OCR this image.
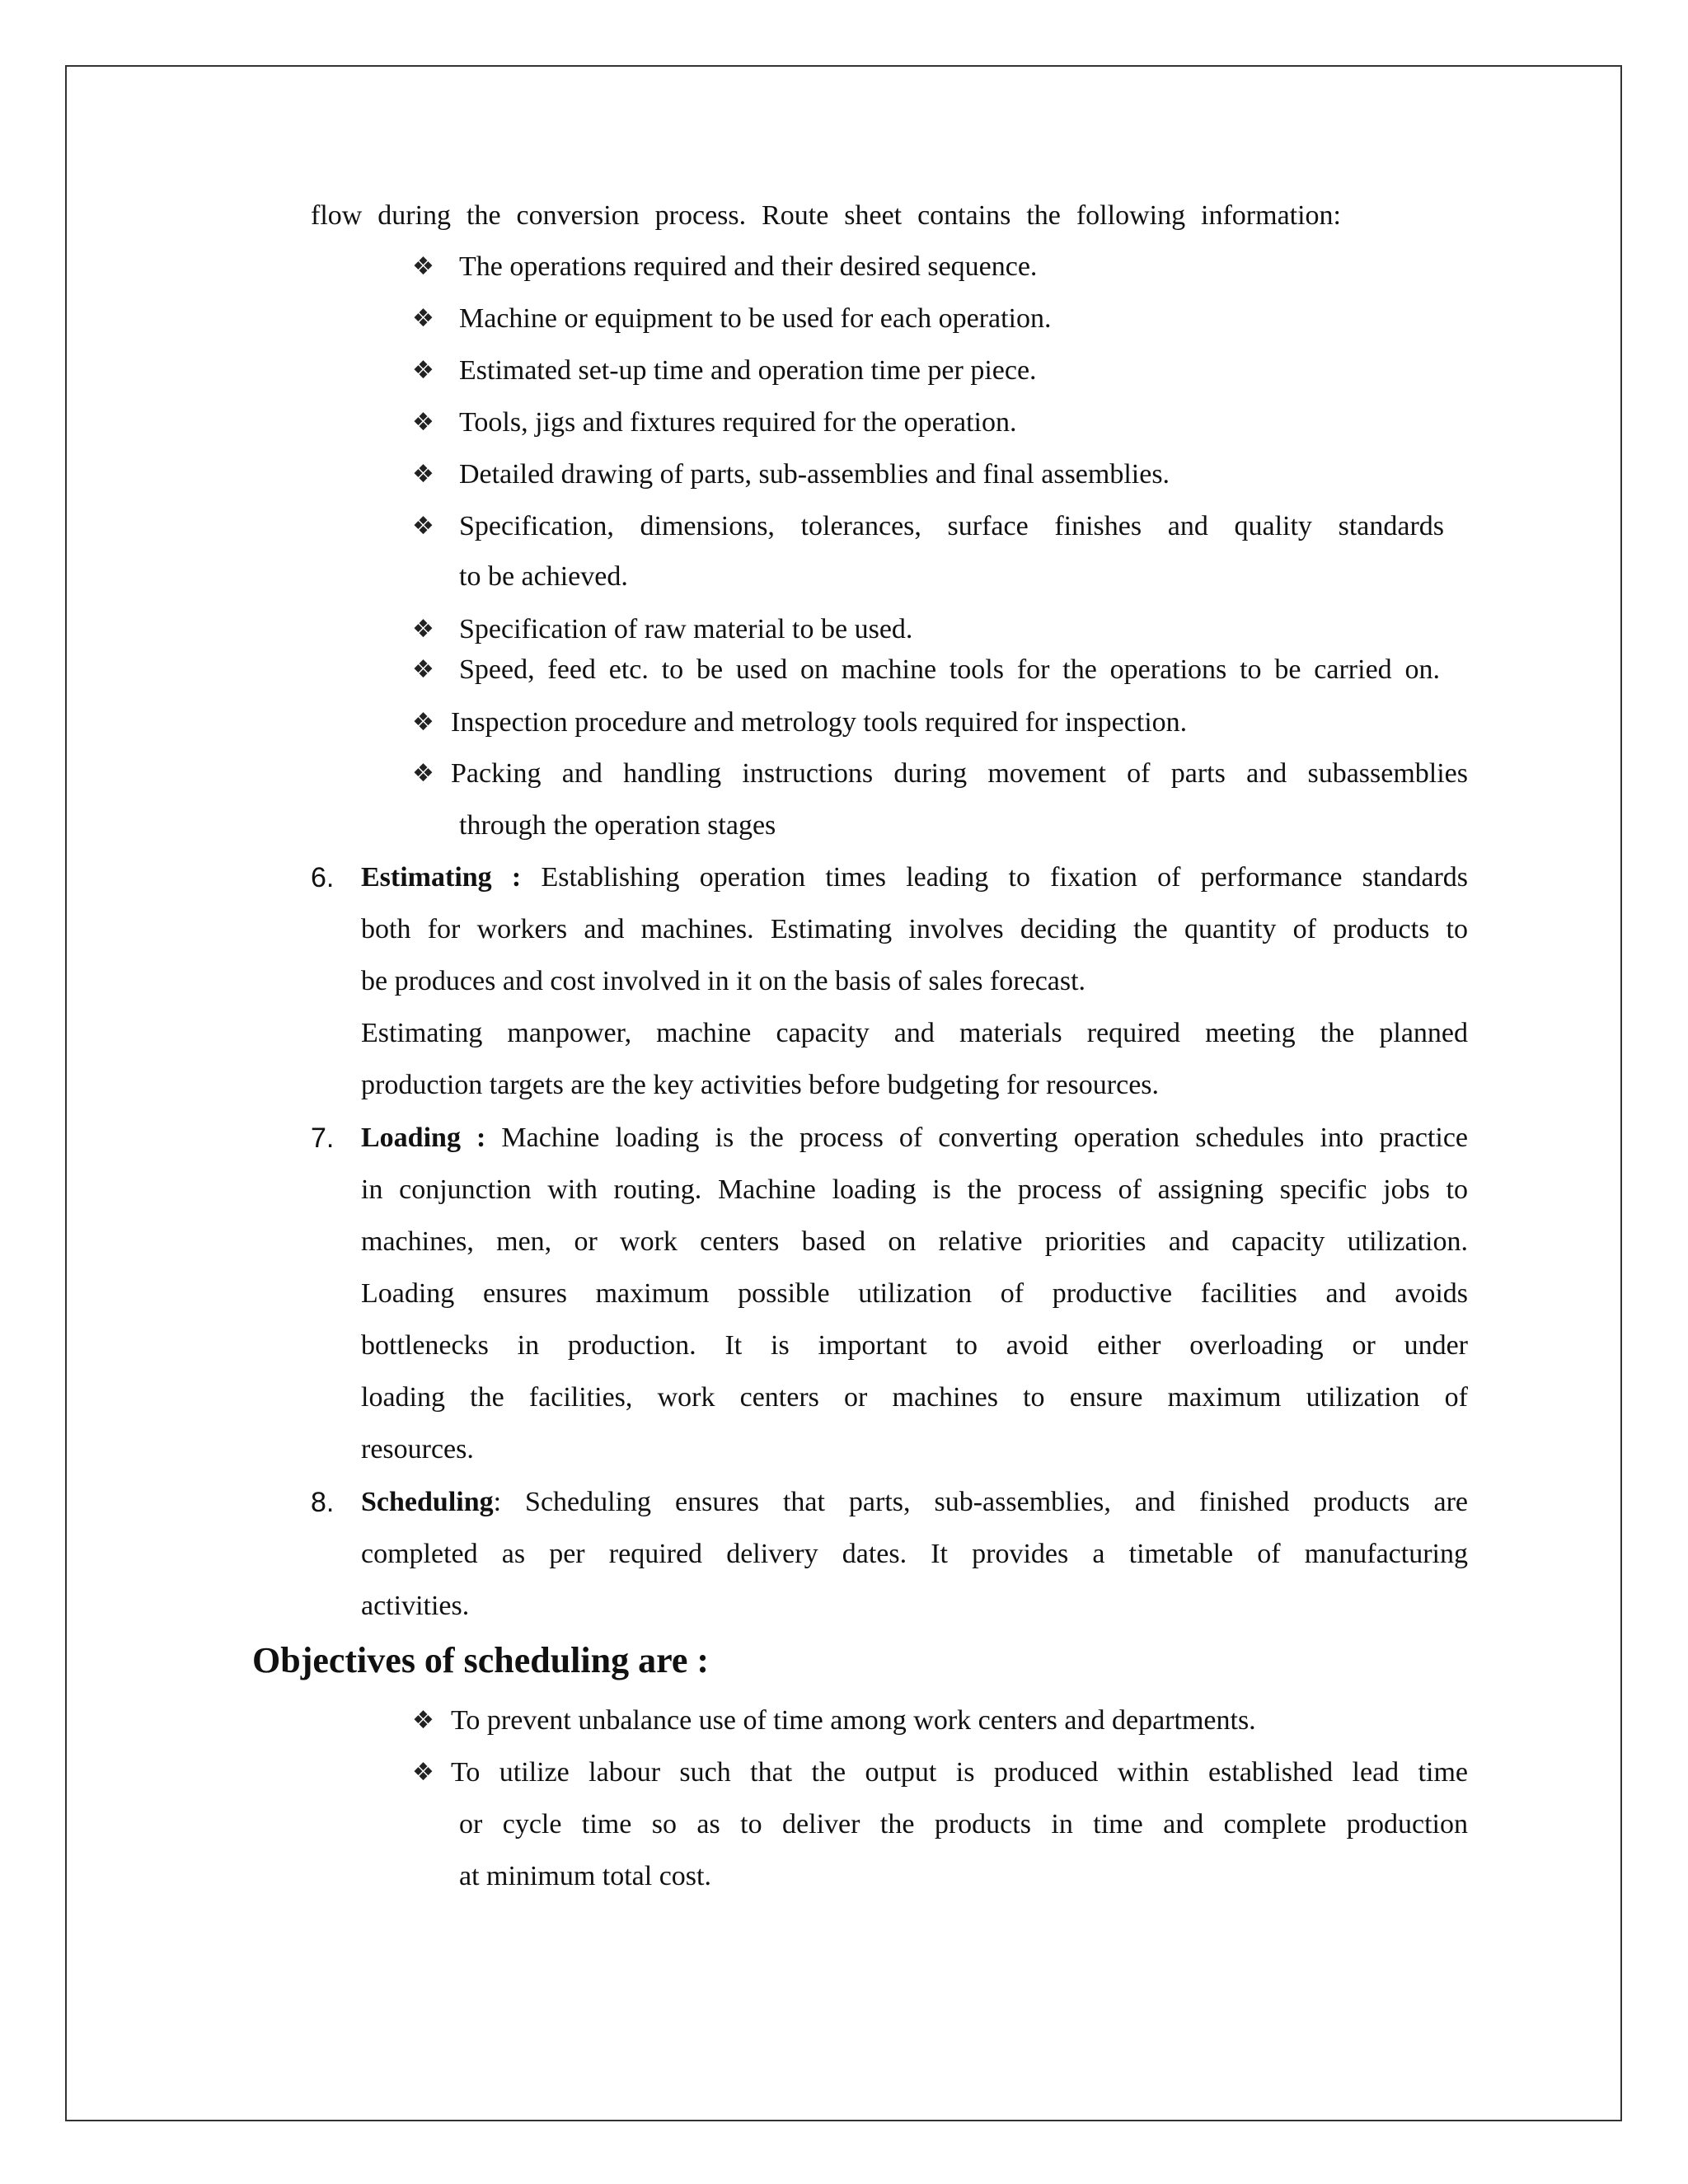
flow during the conversion process. Route sheet contains the following information:
❖ The operations required and their desired sequence.
❖ Machine or equipment to be used for each operation.
❖ Estimated set-up time and operation time per piece.
❖ Tools, jigs and fixtures required for the operation.
❖ Detailed drawing of parts, sub-assemblies and final assemblies.
❖ Specification, dimensions, tolerances, surface finishes and quality standards
to be achieved.
❖ Specification of raw material to be used.
❖ Speed, feed etc. to be used on machine tools for the operations to be carried on.
❖ Inspection procedure and metrology tools required for inspection.
❖ Packing and handling instructions during movement of parts and subassemblies
through the operation stages
6. Estimating : Establishing operation times leading to fixation of performance standards
both for workers and machines. Estimating involves deciding the quantity of products to
be produces and cost involved in it on the basis of sales forecast.
Estimating manpower, machine capacity and materials required meeting the planned
production targets are the key activities before budgeting for resources.
7. Loading : Machine loading is the process of converting operation schedules into practice
in conjunction with routing. Machine loading is the process of assigning specific jobs to
machines, men, or work centers based on relative priorities and capacity utilization.
Loading ensures maximum possible utilization of productive facilities and avoids
bottlenecks in production. It is important to avoid either overloading or under
loading the facilities, work centers or machines to ensure maximum utilization of
resources.
8. Scheduling: Scheduling ensures that parts, sub-assemblies, and finished products are
completed as per required delivery dates. It provides a timetable of manufacturing
activities.
Objectives of scheduling are :
❖ To prevent unbalance use of time among work centers and departments.
❖ To utilize labour such that the output is produced within established lead time
or cycle time so as to deliver the products in time and complete production
at minimum total cost.
